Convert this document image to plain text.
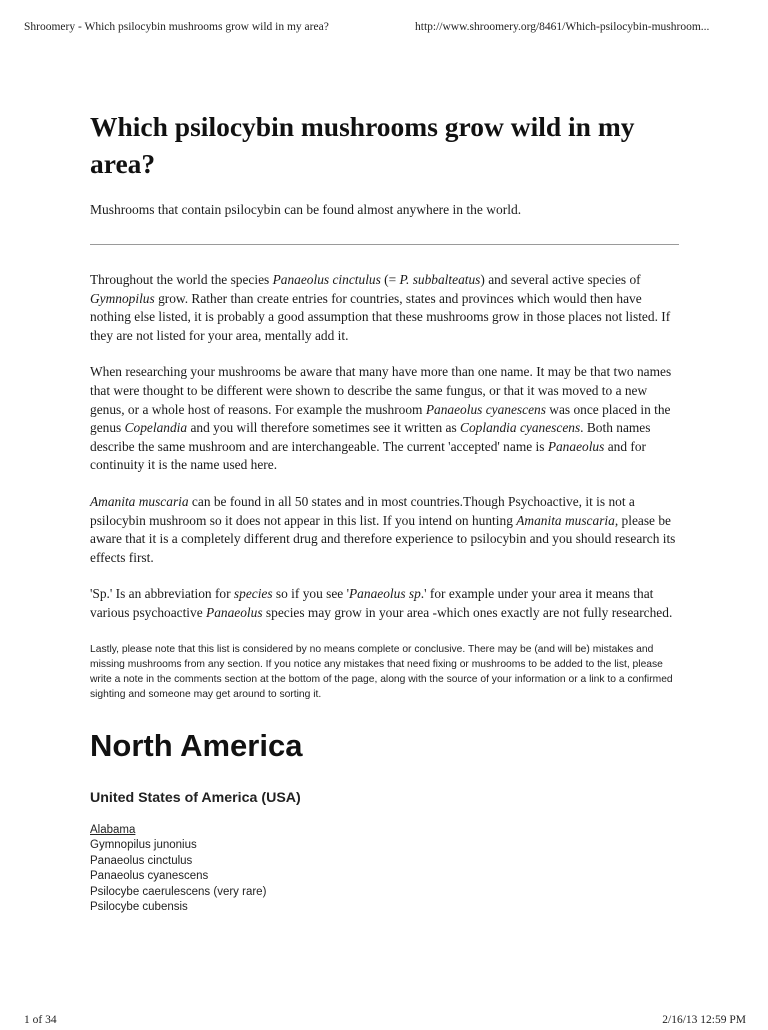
Shroomery - Which psilocybin mushrooms grow wild in my area?	http://www.shroomery.org/8461/Which-psilocybin-mushroom...
Which psilocybin mushrooms grow wild in my area?
Mushrooms that contain psilocybin can be found almost anywhere in the world.

Throughout the world the species Panaeolus cinctulus (= P. subbalteatus) and several active species of Gymnopilus grow. Rather than create entries for countries, states and provinces which would then have nothing else listed, it is probably a good assumption that these mushrooms grow in those places not listed. If they are not listed for your area, mentally add it.

When researching your mushrooms be aware that many have more than one name. It may be that two names that were thought to be different were shown to describe the same fungus, or that it was moved to a new genus, or a whole host of reasons. For example the mushroom Panaeolus cyanescens was once placed in the genus Copelandia and you will therefore sometimes see it written as Coplandia cyanescens. Both names describe the same mushroom and are interchangeable. The current 'accepted' name is Panaeolus and for continuity it is the name used here.

Amanita muscaria can be found in all 50 states and in most countries.Though Psychoactive, it is not a psilocybin mushroom so it does not appear in this list. If you intend on hunting Amanita muscaria, please be aware that it is a completely different drug and therefore experience to psilocybin and you should research its effects first.

'Sp.' Is an abbreviation for species so if you see 'Panaeolus sp.' for example under your area it means that various psychoactive Panaeolus species may grow in your area -which ones exactly are not fully researched.

Lastly, please note that this list is considered by no means complete or conclusive. There may be (and will be) mistakes and missing mushrooms from any section. If you notice any mistakes that need fixing or mushrooms to be added to the list, please write a note in the comments section at the bottom of the page, along with the source of your information or a link to a confirmed sighting and someone may get around to sorting it.

North America
United States of America (USA)
Alabama
Gymnopilus junonius
Panaeolus cinctulus
Panaeolus cyanescens
Psilocybe caerulescens (very rare)
Psilocybe cubensis
1 of 34	2/16/13 12:59 PM
